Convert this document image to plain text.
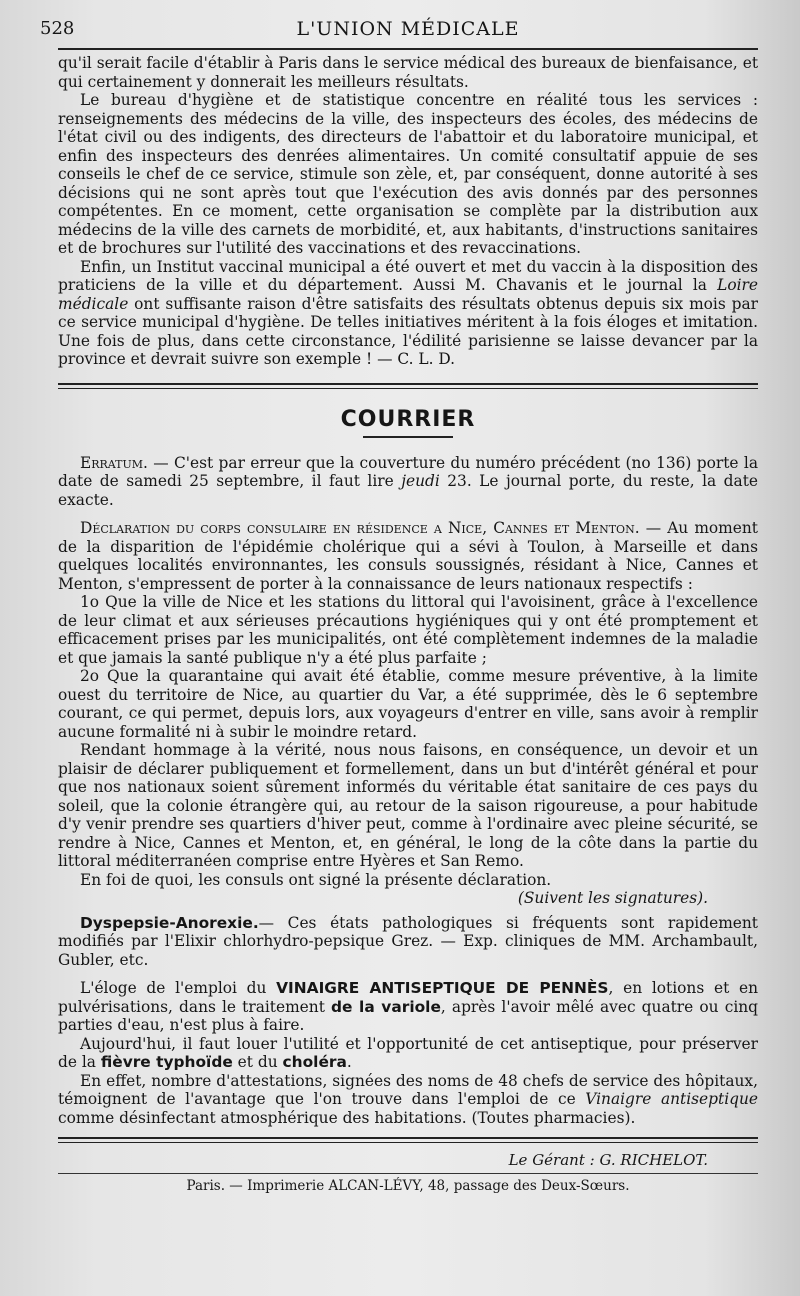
528	L'UNION MÉDICALE

qu'il serait facile d'établir à Paris dans le service médical des bureaux de bienfaisance, et qui certainement y donnerait les meilleurs résultats.

Le bureau d'hygiène et de statistique concentre en réalité tous les services : renseignements des médecins de la ville, des inspecteurs des écoles, des médecins de l'état civil ou des indigents, des directeurs de l'abattoir et du laboratoire municipal, et enfin des inspecteurs des denrées alimentaires. Un comité consultatif appuie de ses conseils le chef de ce service, stimule son zèle, et, par conséquent, donne autorité à ses décisions qui ne sont après tout que l'exécution des avis donnés par des personnes compétentes. En ce moment, cette organisation se complète par la distribution aux médecins de la ville des carnets de morbidité, et, aux habitants, d'instructions sanitaires et de brochures sur l'utilité des vaccinations et des revaccinations.

Enfin, un Institut vaccinal municipal a été ouvert et met du vaccin à la disposition des praticiens de la ville et du département. Aussi M. Chavanis et le journal la Loire médicale ont suffisante raison d'être satisfaits des résultats obtenus depuis six mois par ce service municipal d'hygiène. De telles initiatives méritent à la fois éloges et imitation. Une fois de plus, dans cette circonstance, l'édilité parisienne se laisse devancer par la province et devrait suivre son exemple ! — C. L. D.

COURRIER

Erratum. — C'est par erreur que la couverture du numéro précédent (no 136) porte la date de samedi 25 septembre, il faut lire jeudi 23. Le journal porte, du reste, la date exacte.

Déclaration du corps consulaire en résidence a Nice, Cannes et Menton. — Au moment de la disparition de l'épidémie cholérique qui a sévi à Toulon, à Marseille et dans quelques localités environnantes, les consuls soussignés, résidant à Nice, Cannes et Menton, s'empressent de porter à la connaissance de leurs nationaux respectifs :

1o Que la ville de Nice et les stations du littoral qui l'avoisinent, grâce à l'excellence de leur climat et aux sérieuses précautions hygiéniques qui y ont été promptement et efficacement prises par les municipalités, ont été complètement indemnes de la maladie et que jamais la santé publique n'y a été plus parfaite ;

2o Que la quarantaine qui avait été établie, comme mesure préventive, à la limite ouest du territoire de Nice, au quartier du Var, a été supprimée, dès le 6 septembre courant, ce qui permet, depuis lors, aux voyageurs d'entrer en ville, sans avoir à remplir aucune formalité ni à subir le moindre retard.

Rendant hommage à la vérité, nous nous faisons, en conséquence, un devoir et un plaisir de déclarer publiquement et formellement, dans un but d'intérêt général et pour que nos nationaux soient sûrement informés du véritable état sanitaire de ces pays du soleil, que la colonie étrangère qui, au retour de la saison rigoureuse, a pour habitude d'y venir prendre ses quartiers d'hiver peut, comme à l'ordinaire avec pleine sécurité, se rendre à Nice, Cannes et Menton, et, en général, le long de la côte dans la partie du littoral méditerranéen comprise entre Hyères et San Remo.

En foi de quoi, les consuls ont signé la présente déclaration.

(Suivent les signatures).

Dyspepsie-Anorexie.— Ces états pathologiques si fréquents sont rapidement modifiés par l'Elixir chlorhydro-pepsique Grez. — Exp. cliniques de MM. Archambault, Gubler, etc.

L'éloge de l'emploi du VINAIGRE ANTISEPTIQUE DE PENNÈS, en lotions et en pulvérisations, dans le traitement de la variole, après l'avoir mêlé avec quatre ou cinq parties d'eau, n'est plus à faire.

Aujourd'hui, il faut louer l'utilité et l'opportunité de cet antiseptique, pour préserver de la fièvre typhoïde et du choléra.

En effet, nombre d'attestations, signées des noms de 48 chefs de service des hôpitaux, témoignent de l'avantage que l'on trouve dans l'emploi de ce Vinaigre antiseptique comme désinfectant atmosphérique des habitations. (Toutes pharmacies).

Le Gérant : G. RICHELOT.
Paris. — Imprimerie ALCAN-LÉVY, 48, passage des Deux-Sœurs.
